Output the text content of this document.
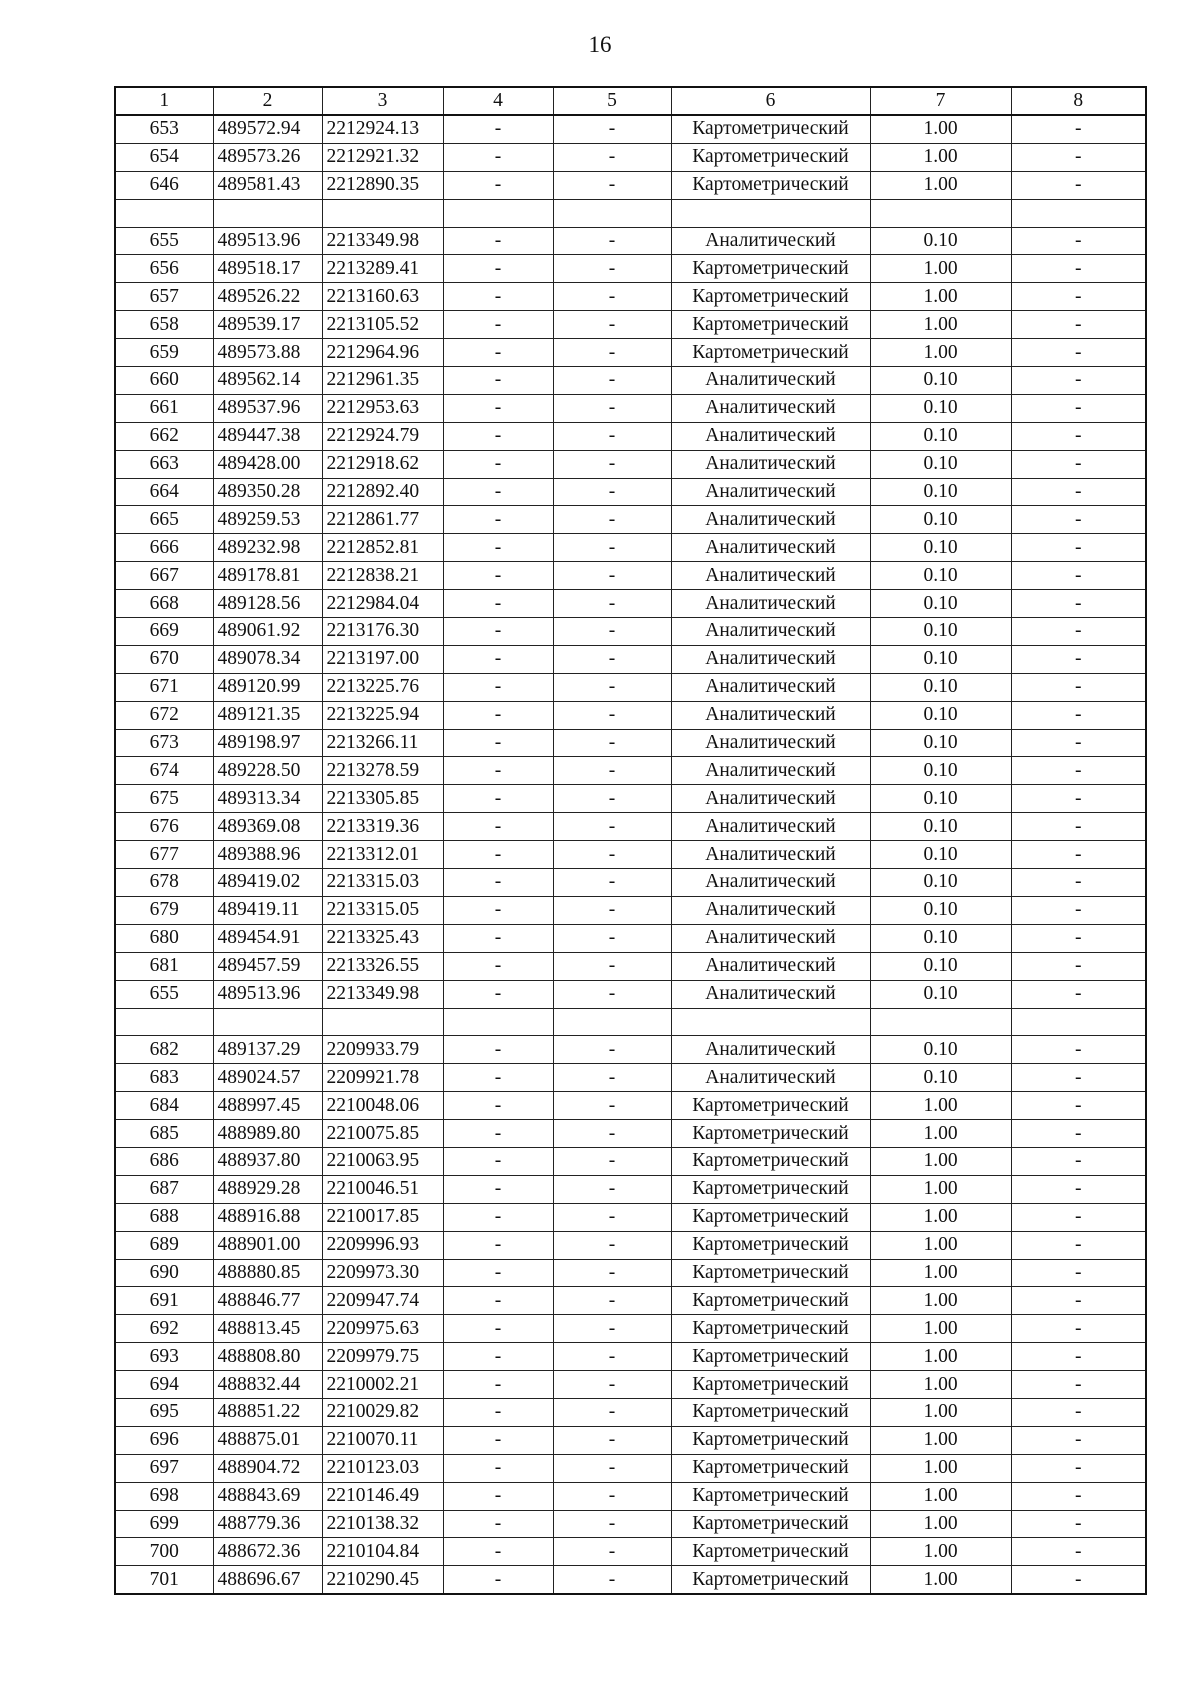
16
1	2	3	4	5	6	7	8
653	489572.94	2212924.13	-	-	Картометрический	1.00	-
654	489573.26	2212921.32	-	-	Картометрический	1.00	-
646	489581.43	2212890.35	-	-	Картометрический	1.00	-

655	489513.96	2213349.98	-	-	Аналитический	0.10	-
656	489518.17	2213289.41	-	-	Картометрический	1.00	-
657	489526.22	2213160.63	-	-	Картометрический	1.00	-
658	489539.17	2213105.52	-	-	Картометрический	1.00	-
659	489573.88	2212964.96	-	-	Картометрический	1.00	-
660	489562.14	2212961.35	-	-	Аналитический	0.10	-
661	489537.96	2212953.63	-	-	Аналитический	0.10	-
662	489447.38	2212924.79	-	-	Аналитический	0.10	-
663	489428.00	2212918.62	-	-	Аналитический	0.10	-
664	489350.28	2212892.40	-	-	Аналитический	0.10	-
665	489259.53	2212861.77	-	-	Аналитический	0.10	-
666	489232.98	2212852.81	-	-	Аналитический	0.10	-
667	489178.81	2212838.21	-	-	Аналитический	0.10	-
668	489128.56	2212984.04	-	-	Аналитический	0.10	-
669	489061.92	2213176.30	-	-	Аналитический	0.10	-
670	489078.34	2213197.00	-	-	Аналитический	0.10	-
671	489120.99	2213225.76	-	-	Аналитический	0.10	-
672	489121.35	2213225.94	-	-	Аналитический	0.10	-
673	489198.97	2213266.11	-	-	Аналитический	0.10	-
674	489228.50	2213278.59	-	-	Аналитический	0.10	-
675	489313.34	2213305.85	-	-	Аналитический	0.10	-
676	489369.08	2213319.36	-	-	Аналитический	0.10	-
677	489388.96	2213312.01	-	-	Аналитический	0.10	-
678	489419.02	2213315.03	-	-	Аналитический	0.10	-
679	489419.11	2213315.05	-	-	Аналитический	0.10	-
680	489454.91	2213325.43	-	-	Аналитический	0.10	-
681	489457.59	2213326.55	-	-	Аналитический	0.10	-
655	489513.96	2213349.98	-	-	Аналитический	0.10	-

682	489137.29	2209933.79	-	-	Аналитический	0.10	-
683	489024.57	2209921.78	-	-	Аналитический	0.10	-
684	488997.45	2210048.06	-	-	Картометрический	1.00	-
685	488989.80	2210075.85	-	-	Картометрический	1.00	-
686	488937.80	2210063.95	-	-	Картометрический	1.00	-
687	488929.28	2210046.51	-	-	Картометрический	1.00	-
688	488916.88	2210017.85	-	-	Картометрический	1.00	-
689	488901.00	2209996.93	-	-	Картометрический	1.00	-
690	488880.85	2209973.30	-	-	Картометрический	1.00	-
691	488846.77	2209947.74	-	-	Картометрический	1.00	-
692	488813.45	2209975.63	-	-	Картометрический	1.00	-
693	488808.80	2209979.75	-	-	Картометрический	1.00	-
694	488832.44	2210002.21	-	-	Картометрический	1.00	-
695	488851.22	2210029.82	-	-	Картометрический	1.00	-
696	488875.01	2210070.11	-	-	Картометрический	1.00	-
697	488904.72	2210123.03	-	-	Картометрический	1.00	-
698	488843.69	2210146.49	-	-	Картометрический	1.00	-
699	488779.36	2210138.32	-	-	Картометрический	1.00	-
700	488672.36	2210104.84	-	-	Картометрический	1.00	-
701	488696.67	2210290.45	-	-	Картометрический	1.00	-
